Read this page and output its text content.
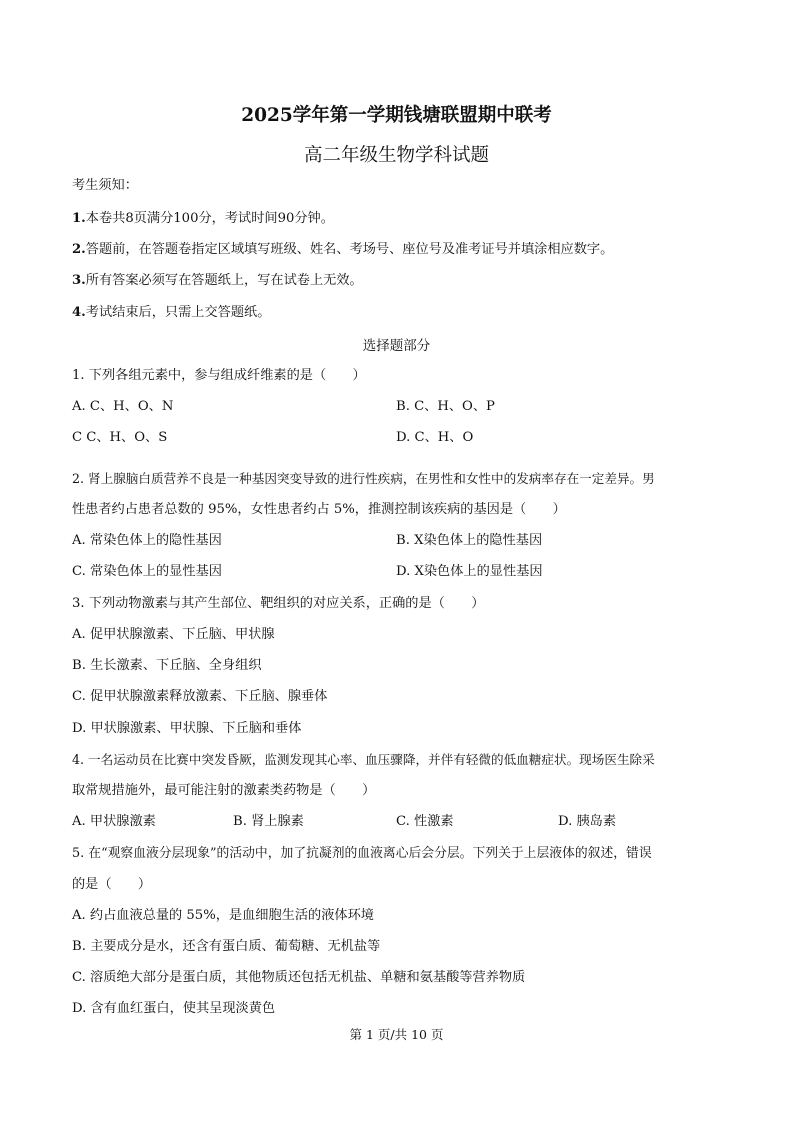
2025学年第一学期钱塘联盟期中联考
高二年级生物学科试题
考生须知：
1.本卷共8页满分100分，考试时间90分钟。
2.答题前，在答题卷指定区域填写班级、姓名、考场号、座位号及准考证号并填涂相应数字。
3.所有答案必须写在答题纸上，写在试卷上无效。
4.考试结束后，只需上交答题纸。
选择题部分
1. 下列各组元素中，参与组成纤维素的是（　　）
A. C、H、O、N	B. C、H、O、P
C C、H、O、S	D. C、H、O
2. 肾上腺脑白质营养不良是一种基因突变导致的进行性疾病，在男性和女性中的发病率存在一定差异。男
性患者约占患者总数的 95%，女性患者约占 5%，推测控制该疾病的基因是（　　）
A. 常染色体上的隐性基因	B. X染色体上的隐性基因
C. 常染色体上的显性基因	D. X染色体上的显性基因
3. 下列动物激素与其产生部位、靶组织的对应关系，正确的是（　　）
A. 促甲状腺激素、下丘脑、甲状腺
B. 生长激素、下丘脑、全身组织
C. 促甲状腺激素释放激素、下丘脑、腺垂体
D. 甲状腺激素、甲状腺、下丘脑和垂体
4. 一名运动员在比赛中突发昏厥，监测发现其心率、血压骤降，并伴有轻微的低血糖症状。现场医生除采
取常规措施外，最可能注射的激素类药物是（　　）
A. 甲状腺激素	B. 肾上腺素	C. 性激素	D. 胰岛素
5. 在“观察血液分层现象”的活动中，加了抗凝剂的血液离心后会分层。下列关于上层液体的叙述，错误
的是（　　）
A. 约占血液总量的 55%，是血细胞生活的液体环境
B. 主要成分是水，还含有蛋白质、葡萄糖、无机盐等
C. 溶质绝大部分是蛋白质，其他物质还包括无机盐、单糖和氨基酸等营养物质
D. 含有血红蛋白，使其呈现淡黄色
第 1 页/共 10 页
